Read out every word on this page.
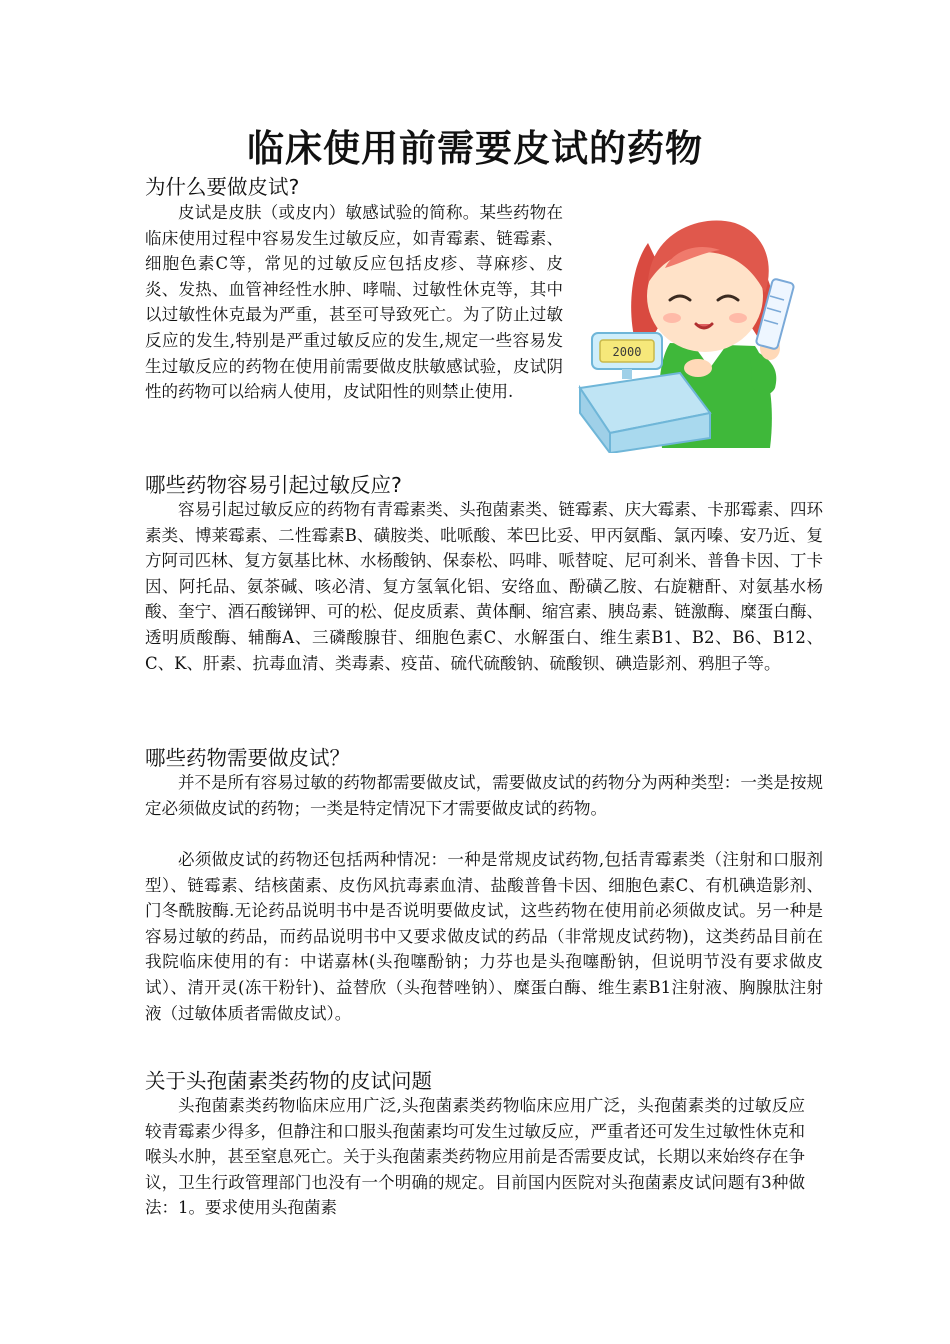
临床使用前需要皮试的药物
为什么要做皮试?

皮试是皮肤（或皮内）敏感试验的简称。某些药物在临床使用过程中容易发生过敏反应，如青霉素、链霉素、细胞色素C等，常见的过敏反应包括皮疹、荨麻疹、皮炎、发热、血管神经性水肿、哮喘、过敏性休克等，其中以过敏性休克最为严重，甚至可导致死亡。为了防止过敏反应的发生,特别是严重过敏反应的发生,规定一些容易发生过敏反应的药物在使用前需要做皮肤敏感试验，皮试阴性的药物可以给病人使用，皮试阳性的则禁止使用.

2000
哪些药物容易引起过敏反应?

容易引起过敏反应的药物有青霉素类、头孢菌素类、链霉素、庆大霉素、卡那霉素、四环素类、博莱霉素、二性霉素B、磺胺类、吡哌酸、苯巴比妥、甲丙氨酯、氯丙嗪、安乃近、复方阿司匹林、复方氨基比林、水杨酸钠、保泰松、吗啡、哌替啶、尼可刹米、普鲁卡因、丁卡因、阿托品、氨茶碱、咳必清、复方氢氧化铝、安络血、酚磺乙胺、右旋糖酐、对氨基水杨酸、奎宁、酒石酸锑钾、可的松、促皮质素、黄体酮、缩宫素、胰岛素、链激酶、糜蛋白酶、透明质酸酶、辅酶A、三磷酸腺苷、细胞色素C、水解蛋白、维生素B1、B2、B6、B12、C、K、肝素、抗毒血清、类毒素、疫苗、硫代硫酸钠、硫酸钡、碘造影剂、鸦胆子等。

哪些药物需要做皮试？

并不是所有容易过敏的药物都需要做皮试，需要做皮试的药物分为两种类型：一类是按规定必须做皮试的药物；一类是特定情况下才需要做皮试的药物。

必须做皮试的药物还包括两种情况：一种是常规皮试药物,包括青霉素类（注射和口服剂型）、链霉素、结核菌素、皮伤风抗毒素血清、盐酸普鲁卡因、细胞色素C、有机碘造影剂、门冬酰胺酶.无论药品说明书中是否说明要做皮试，这些药物在使用前必须做皮试。另一种是容易过敏的药品，而药品说明书中又要求做皮试的药品（非常规皮试药物)，这类药品目前在我院临床使用的有：中诺嘉林(头孢噻酚钠；力芬也是头孢噻酚钠，但说明节没有要求做皮试）、清开灵(冻干粉针)、益替欣（头孢替唑钠）、糜蛋白酶、维生素B1注射液、胸腺肽注射液（过敏体质者需做皮试）。

关于头孢菌素类药物的皮试问题

头孢菌素类药物临床应用广泛,头孢菌素类药物临床应用广泛，头孢菌素类的过敏反应较青霉素少得多，但静注和口服头孢菌素均可发生过敏反应，严重者还可发生过敏性休克和喉头水肿，甚至窒息死亡。关于头孢菌素类药物应用前是否需要皮试，长期以来始终存在争议，卫生行政管理部门也没有一个明确的规定。目前国内医院对头孢菌素皮试问题有3种做法：1。要求使用头孢菌素
